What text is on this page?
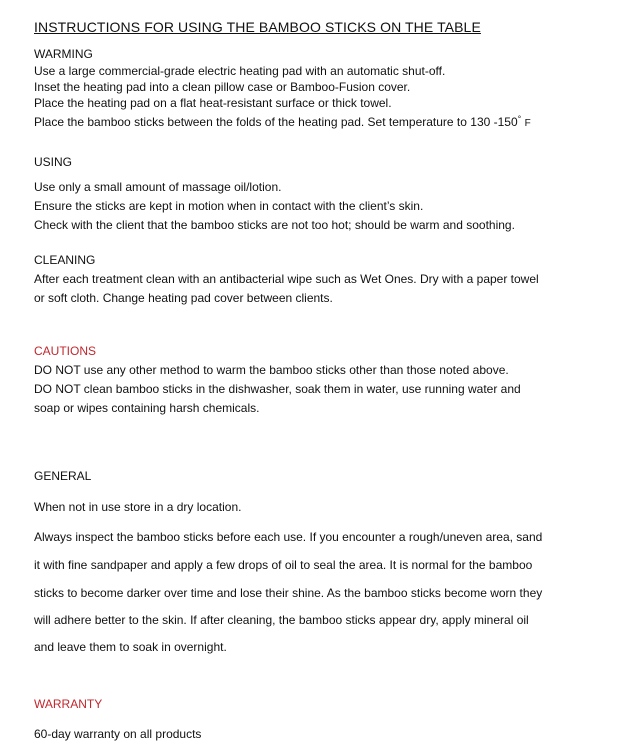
INSTRUCTIONS FOR USING THE BAMBOO STICKS ON THE TABLE
WARMING
Use a large commercial-grade electric heating pad with an automatic shut-off.
Inset the heating pad into a clean pillow case or Bamboo-Fusion cover.
Place the heating pad on a flat heat-resistant surface or thick towel.
Place the bamboo sticks between the folds of the heating pad. Set temperature to 130 -150° F
USING
Use only a small amount of massage oil/lotion.
Ensure the sticks are kept in motion when in contact with the client’s skin.
Check with the client that the bamboo sticks are not too hot; should be warm and soothing.
CLEANING
After each treatment clean with an antibacterial wipe such as Wet Ones. Dry with a paper towel
or soft cloth. Change heating pad cover between clients.
CAUTIONS
DO NOT use any other method to warm the bamboo sticks other than those noted above.
DO NOT clean bamboo sticks in the dishwasher, soak them in water, use running water and
soap or wipes containing harsh chemicals.
GENERAL
When not in use store in a dry location.
Always inspect the bamboo sticks before each use. If you encounter a rough/uneven area, sand
it with fine sandpaper and apply a few drops of oil to seal the area. It is normal for the bamboo
sticks to become darker over time and lose their shine. As the bamboo sticks become worn they
will adhere better to the skin. If after cleaning, the bamboo sticks appear dry, apply mineral oil
and leave them to soak in overnight.
WARRANTY
60-day warranty on all products
